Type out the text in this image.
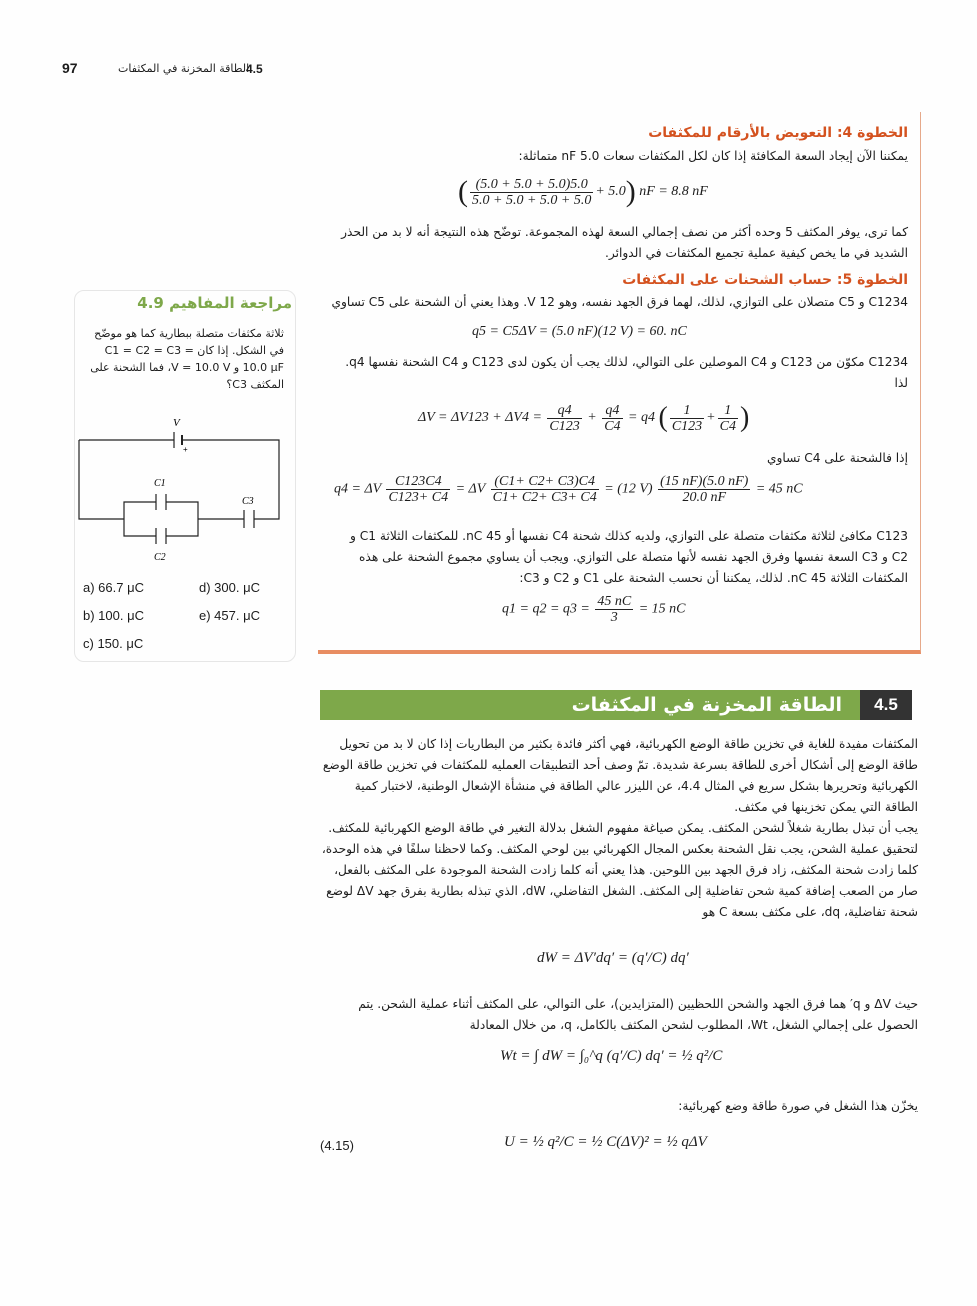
97	4.5
الطاقة المخزنة في المكثفات
الخطوة 4: التعويض بالأرقام للمكثفات
يمكننا الآن إيجاد السعة المكافئة إذا كان لكل المكثفات سعات 5.0 nF متماثلة:
( $\frac{(5.0 + 5.0 + 5.0)5.0}{5.0 + 5.0 + 5.0 + 5.0} + 5.0$) nF = 8.8 nF
كما ترى، يوفر المكثف 5 وحده أكثر من نصف إجمالي السعة لهذه المجموعة. توضّح هذه النتيجة أنه لا بد من الحذر الشديد في ما يخص كيفية عملية تجميع المكثفات في الدوائر.
الخطوة 5: حساب الشحنات على المكثفات
C1234 و C5 متصلان على التوازي، لذلك، لهما فرق الجهد نفسه، وهو 12 V. وهذا يعني أن الشحنة على C5 تساوي
q5 = C5ΔV = (5.0 nF)(12 V) = 60. nC
C1234 مكوّن من C123 و C4 الموصلين على التوالي، لذلك يجب أن يكون لدى C123 و C4 الشحنة نفسها q4. لذا
$\Delta V = \Delta V123 + \Delta V4 = \frac{q4}{C123} + \frac{q4}{C4} = q4$ ( $\frac{1}{C123} + \frac{1}{C4}$ )
إذا فالشحنة على C4 تساوي
q4 = ΔV $\frac{C123C4}{C123+ C4} = \Delta V \frac{(C1+ C2+ C3)C4}{C1+ C2+ C3+ C4} = (12$ $V) \frac{(15 nF)(5.0 nF)}{20.0 nF} = 45$ nC
C123 مكافئ لثلاثة مكثفات متصلة على التوازي، ولديه كذلك شحنة C4 نفسها أو 45 nC. للمكثفات الثلاثة C1 و C2 و C3 السعة نفسها وفرق الجهد نفسه لأنها متصلة على التوازي. ويجب أن يساوي مجموع الشحنة على هذه المكثفات الثلاثة 45 nC. لذلك، يمكننا أن نحسب الشحنة على C1 و C2 و C3:
$q1 = q2 = q3 = \frac{45 nC}{3} = 15$ nC
مراجعة المفاهيم 4.9
ثلاثة مكثفات متصلة ببطارية كما هو موضّح في الشكل. إذا كان C1 = C2 = C3 = 10.0 μF و V = 10.0 V، فما الشحنة على المكثف C3؟
V
+
C1
C2
C3
a) 66.7 μC
b) 100. μC
c) 150. μC
d) 300. μC
e) 457. μC
الطاقة المخزنة في المكثفات	4.5
المكثفات مفيدة للغاية في تخزين طاقة الوضع الكهربائية، فهي أكثر فائدة بكثير من البطاريات إذا كان لا بد من تحويل طاقة الوضع إلى أشكال أخرى للطاقة بسرعة شديدة. تمّ وصف أحد التطبيقات العمليه للمكثفات في تخزين طاقة الوضع الكهربائية وتحريرها بشكل سريع في المثال 4.4، عن الليزر عالي الطاقة في منشأة الإشعال الوطنية، لاختبار كمية الطاقة التي يمكن تخزينها في مكثف.
يجب أن تبذل بطارية شغلاً لشحن المكثف. يمكن صياغة مفهوم الشغل بدلالة التغير في طاقة الوضع الكهربائية للمكثف. لتحقيق عملية الشحن، يجب نقل الشحنة بعكس المجال الكهربائي بين لوحي المكثف. وكما لاحظنا سلفًا في هذه الوحدة، كلما زادت شحنة المكثف، زاد فرق الجهد بين اللوحين. هذا يعني أنه كلما زادت الشحنة الموجودة على المكثف بالفعل، صار من الصعب إضافة كمية شحن تفاضلية إلى المكثف. الشغل التفاضلي، dW، الذي تبذله بطارية بفرق جهد ΔV لوضع شحنة تفاضلية، dq، على مكثف بسعة C هو
dW = ΔV′dq′ = (q′/C) dq′
حيث ΔV و q′ هما فرق الجهد والشحن اللحظيين (المتزايدين)، على التوالي، على المكثف أثناء عملية الشحن. يتم الحصول على إجمالي الشغل، Wt، المطلوب لشحن المكثف بالكامل، q، من خلال المعادلة
Wt = ∫ dW = ∫₀^q (q′/C) dq′ = ½ q²/C
يخزّن هذا الشغل في صورة طاقة وضع كهربائية:
(4.15)	U = ½ q²/C = ½ C(ΔV)² = ½ qΔV
